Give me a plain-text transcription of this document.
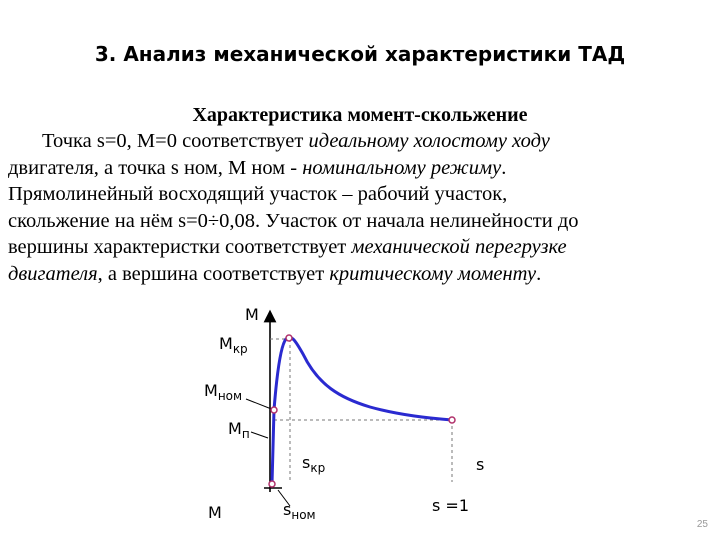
3. Анализ механической характеристики ТАД
Характеристика момент-скольжение

Точка s=0, М=0 соответствует идеальному холостому ходу

двигателя, а точка s ном, М ном - номинальному режиму.

Прямолинейный восходящий участок – рабочий участок,

скольжение на нём s=0÷0,08. Участок от начала нелинейности до

вершины характеристки соответствует механической перегрузке

двигателя, а вершина соответствует критическому моменту.

М
$М_{кр}$
$М_{ном}$
$М_п$
$s_{кр}$	s
М	$s_{ном}$	s =1
25
